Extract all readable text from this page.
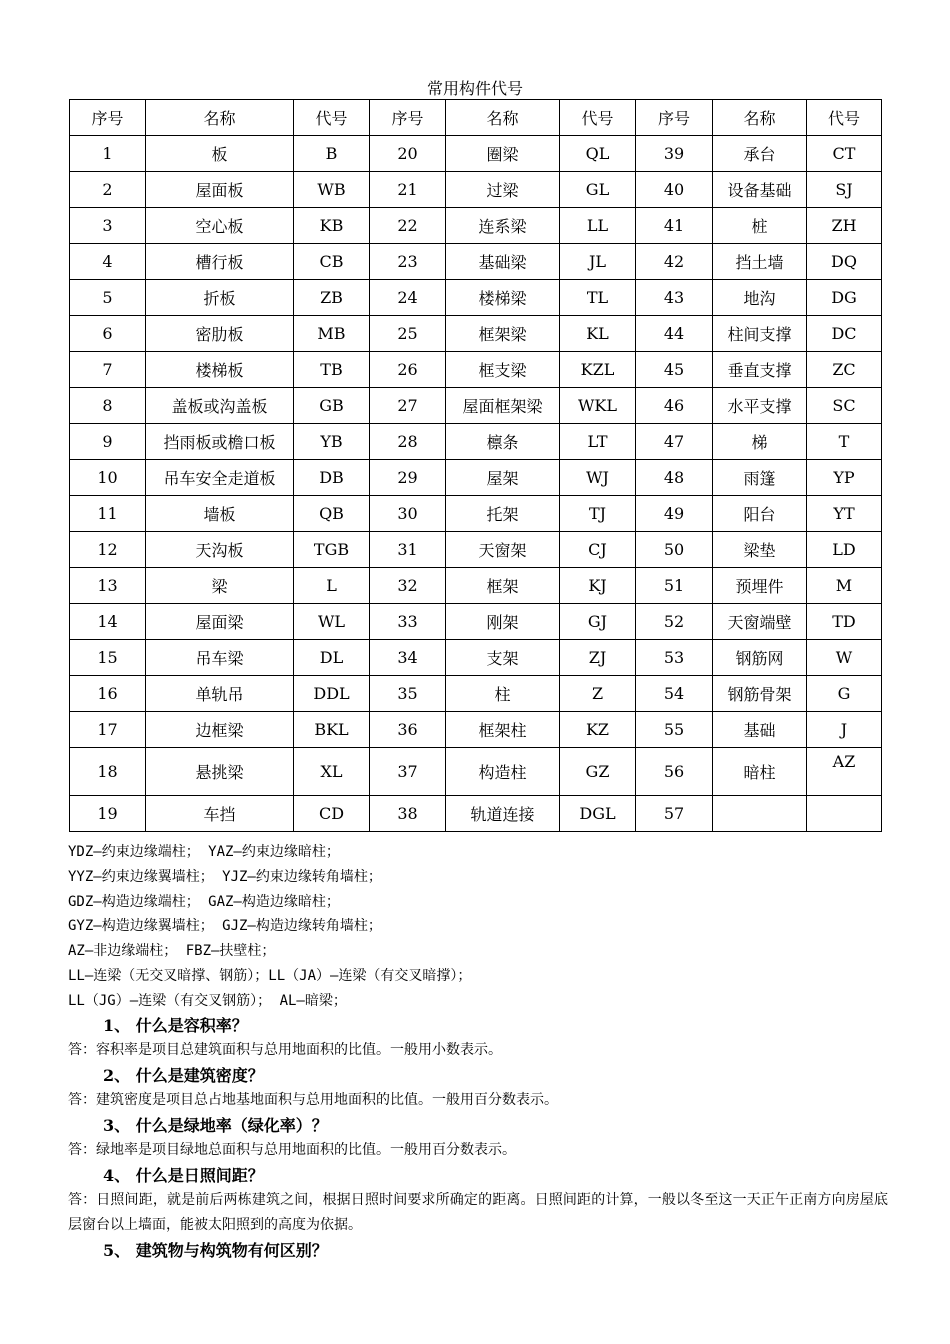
常用构件代号
序号	名称	代号	序号	名称	代号	序号	名称	代号
1	板	B	20	圈梁	QL	39	承台	CT
2	屋面板	WB	21	过梁	GL	40	设备基础	SJ
3	空心板	KB	22	连系梁	LL	41	桩	ZH
4	槽行板	CB	23	基础梁	JL	42	挡土墙	DQ
5	折板	ZB	24	楼梯梁	TL	43	地沟	DG
6	密肋板	MB	25	框架梁	KL	44	柱间支撑	DC
7	楼梯板	TB	26	框支梁	KZL	45	垂直支撑	ZC
8	盖板或沟盖板	GB	27	屋面框架梁	WKL	46	水平支撑	SC
9	挡雨板或檐口板	YB	28	檩条	LT	47	梯	T
10	吊车安全走道板	DB	29	屋架	WJ	48	雨篷	YP
11	墙板	QB	30	托架	TJ	49	阳台	YT
12	天沟板	TGB	31	天窗架	CJ	50	梁垫	LD
13	梁	L	32	框架	KJ	51	预埋件	M
14	屋面梁	WL	33	刚架	GJ	52	天窗端壁	TD
15	吊车梁	DL	34	支架	ZJ	53	钢筋网	W
16	单轨吊	DDL	35	柱	Z	54	钢筋骨架	G
17	边框梁	BKL	36	框架柱	KZ	55	基础	J
18	悬挑梁	XL	37	构造柱	GZ	56	暗柱	AZ
19	车挡	CD	38	轨道连接	DGL	57		
YDZ—约束边缘端柱； YAZ—约束边缘暗柱；
YYZ—约束边缘翼墙柱； YJZ—约束边缘转角墙柱；
GDZ—构造边缘端柱； GAZ—构造边缘暗柱；
GYZ—构造边缘翼墙柱； GJZ—构造边缘转角墙柱；
AZ—非边缘端柱； FBZ—扶壁柱；
LL—连梁（无交叉暗撑、钢筋）；LL（JA）—连梁（有交叉暗撑）；
LL（JG）—连梁（有交叉钢筋）； AL—暗梁；
1、 什么是容积率？
答：容积率是项目总建筑面积与总用地面积的比值。一般用小数表示。
2、 什么是建筑密度？
答：建筑密度是项目总占地基地面积与总用地面积的比值。一般用百分数表示。
3、 什么是绿地率（绿化率）？
答：绿地率是项目绿地总面积与总用地面积的比值。一般用百分数表示。
4、 什么是日照间距？
答：日照间距，就是前后两栋建筑之间，根据日照时间要求所确定的距离。日照间距的计算，一般以冬至这一天正午正南方向房屋底层窗台以上墙面，能被太阳照到的高度为依据。
5、 建筑物与构筑物有何区别？
